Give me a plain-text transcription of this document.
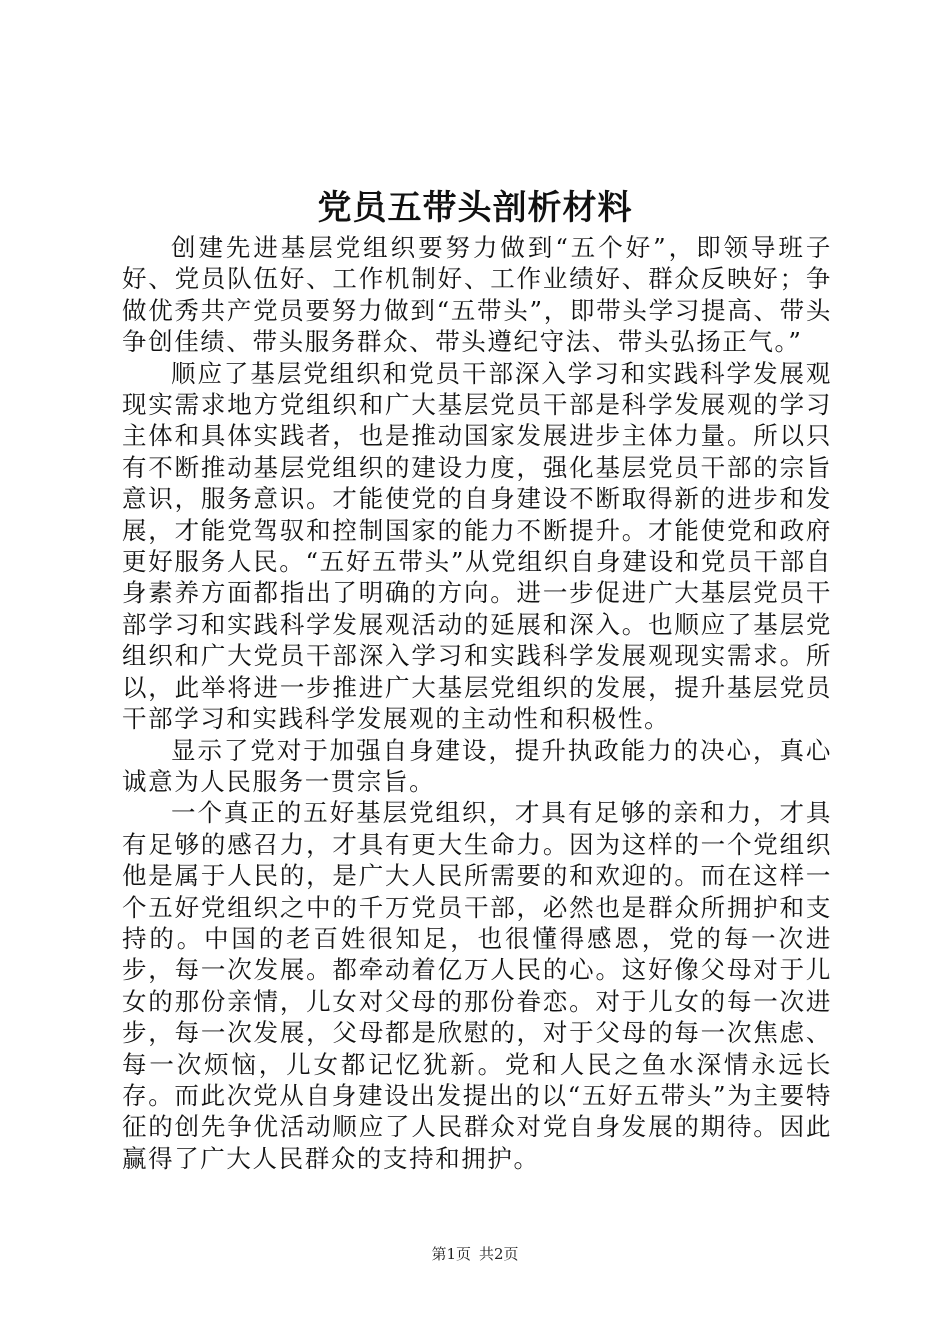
党员五带头剖析材料

创建先进基层党组织要努力做到“五个好”，即领导班子好、党员队伍好、工作机制好、工作业绩好、群众反映好；争做优秀共产党员要努力做到“五带头”，即带头学习提高、带头争创佳绩、带头服务群众、带头遵纪守法、带头弘扬正气。”

顺应了基层党组织和党员干部深入学习和实践科学发展观现实需求地方党组织和广大基层党员干部是科学发展观的学习主体和具体实践者，也是推动国家发展进步主体力量。所以只有不断推动基层党组织的建设力度，强化基层党员干部的宗旨意识，服务意识。才能使党的自身建设不断取得新的进步和发展，才能党驾驭和控制国家的能力不断提升。才能使党和政府更好服务人民。“五好五带头”从党组织自身建设和党员干部自身素养方面都指出了明确的方向。进一步促进广大基层党员干部学习和实践科学发展观活动的延展和深入。也顺应了基层党组织和广大党员干部深入学习和实践科学发展观现实需求。所以，此举将进一步推进广大基层党组织的发展，提升基层党员干部学习和实践科学发展观的主动性和积极性。

显示了党对于加强自身建设，提升执政能力的决心，真心诚意为人民服务一贯宗旨。

一个真正的五好基层党组织，才具有足够的亲和力，才具有足够的感召力，才具有更大生命力。因为这样的一个党组织他是属于人民的，是广大人民所需要的和欢迎的。而在这样一个五好党组织之中的千万党员干部，必然也是群众所拥护和支持的。中国的老百姓很知足，也很懂得感恩，党的每一次进步，每一次发展。都牵动着亿万人民的心。这好像父母对于儿女的那份亲情，儿女对父母的那份眷恋。对于儿女的每一次进步，每一次发展，父母都是欣慰的，对于父母的每一次焦虑、每一次烦恼，儿女都记忆犹新。党和人民之鱼水深情永远长存。而此次党从自身建设出发提出的以“五好五带头”为主要特征的创先争优活动顺应了人民群众对党自身发展的期待。因此赢得了广大人民群众的支持和拥护。

第1页 共2页
